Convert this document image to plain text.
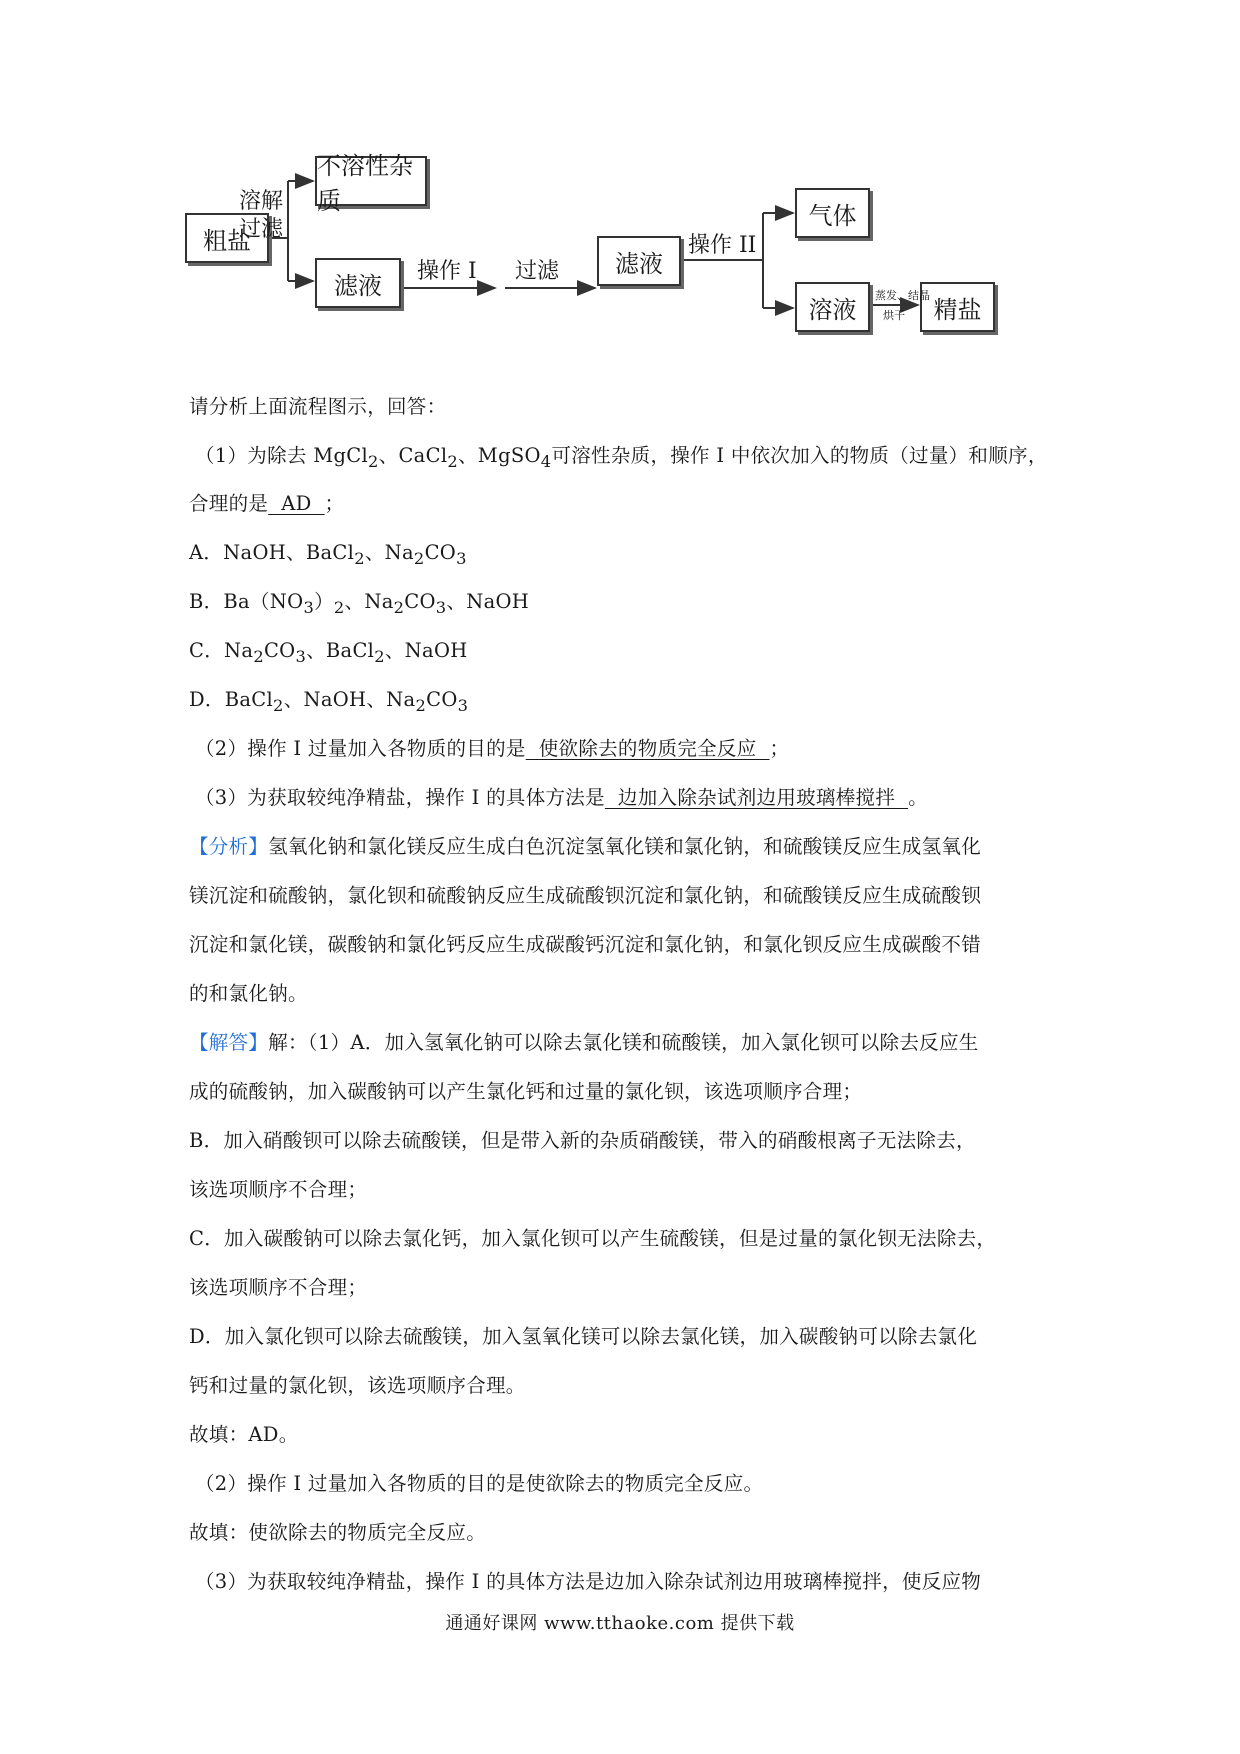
粗盐
不溶性杂质
滤液
滤液
气体
溶液	精盐
溶解
过滤
操作 I 过滤
操作 II
蒸发、结晶
烘干
请分析上面流程图示，回答：
（1）为除去 MgCl$_2$、CaCl$_2$、MgSO$_4$可溶性杂质，操作 I 中依次加入的物质（过量）和顺序，
合理的是  AD  ；
A．NaOH、BaCl$_2$、$Na_2CO_3$
B．$Ba(NO_3)_2$、$Na_2CO_3$、NaOH
C．$Na_2CO_3$、BaCl$_2$、NaOH
D．BaCl$_2$、NaOH、$Na_2CO_3$
（2）操作 I 过量加入各物质的目的是  使欲除去的物质完全反应  ；
（3）为获取较纯净精盐，操作 I 的具体方法是  边加入除杂试剂边用玻璃棒搅拌  。
【分析】氢氧化钠和氯化镁反应生成白色沉淀氢氧化镁和氯化钠，和硫酸镁反应生成氢氧化
镁沉淀和硫酸钠，氯化钡和硫酸钠反应生成硫酸钡沉淀和氯化钠，和硫酸镁反应生成硫酸钡
沉淀和氯化镁，碳酸钠和氯化钙反应生成碳酸钙沉淀和氯化钠，和氯化钡反应生成碳酸不错
的和氯化钠。
【解答】解：（1）A．加入氢氧化钠可以除去氯化镁和硫酸镁，加入氯化钡可以除去反应生
成的硫酸钠，加入碳酸钠可以产生氯化钙和过量的氯化钡，该选项顺序合理；
B．加入硝酸钡可以除去硫酸镁，但是带入新的杂质硝酸镁，带入的硝酸根离子无法除去，
该选项顺序不合理；
C．加入碳酸钠可以除去氯化钙，加入氯化钡可以产生硫酸镁，但是过量的氯化钡无法除去，
该选项顺序不合理；
D．加入氯化钡可以除去硫酸镁，加入氢氧化镁可以除去氯化镁，加入碳酸钠可以除去氯化
钙和过量的氯化钡，该选项顺序合理。
故填：AD。
（2）操作 I 过量加入各物质的目的是使欲除去的物质完全反应。
故填：使欲除去的物质完全反应。
（3）为获取较纯净精盐，操作 I 的具体方法是边加入除杂试剂边用玻璃棒搅拌，使反应物
通通好课网 www.tthaoke.com 提供下载
